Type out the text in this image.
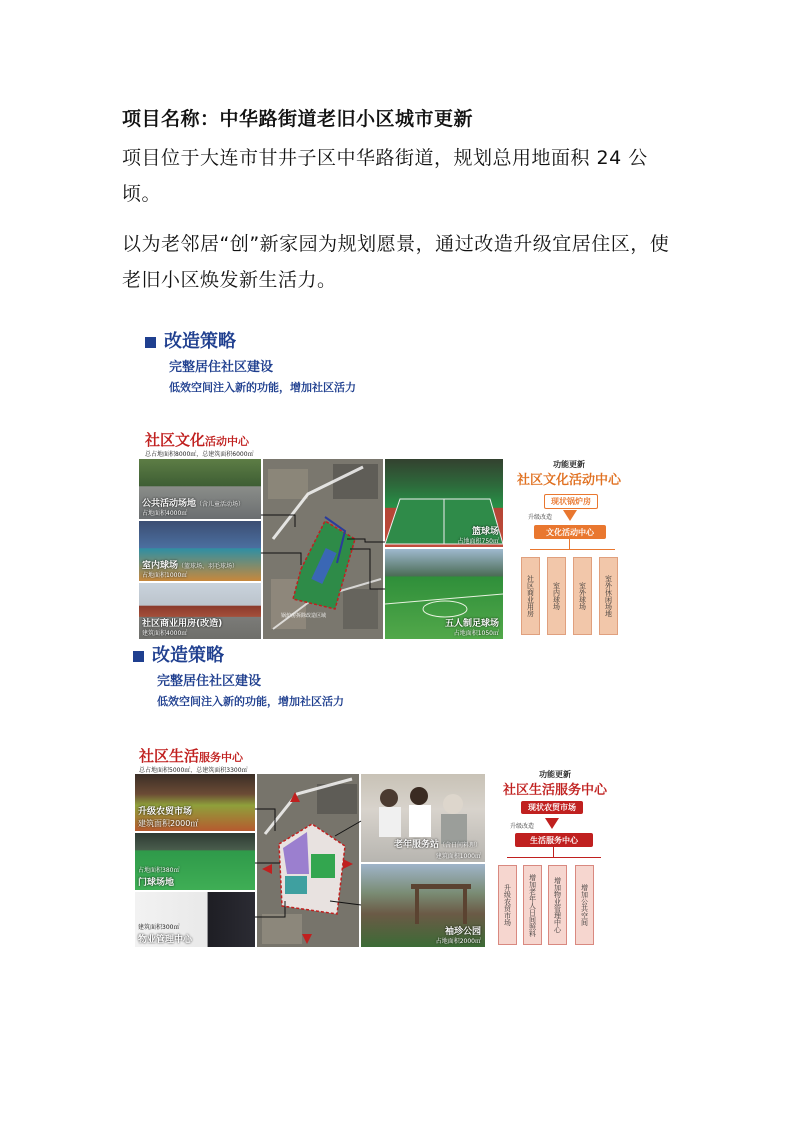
项目名称：中华路街道老旧小区城市更新
项目位于大连市甘井子区中华路街道，规划总用地面积 24 公顷。
以为老邻居“创”新家园为规划愿景，通过改造升级宜居住区，使老旧小区焕发新生活力。
改造策略
完整居住社区建设
低效空间注入新的功能，增加社区活力
社区文化活动中心
总占地面积8000㎡，总建筑面积6000㎡
公共活动场地（含儿童活动场）
占地面积4000㎡
室内球场（篮球场、羽毛球场）
占地面积1000㎡
社区商业用房(改造)
建筑面积4000㎡
锅炉房拆除改造区域
篮球场
占地面积750㎡
五人制足球场
占地面积1050㎡
功能更新
社区文化活动中心
现状锅炉房
升级改造
文化活动中心
社区商业用房	室内球场	室外球场	室外休闲场地
改造策略
完整居住社区建设
低效空间注入新的功能，增加社区活力
社区生活服务中心
总占地面积5000㎡，总建筑面积3300㎡
升级农贸市场
建筑面积2000㎡
门球场地
占地面积380㎡
物业管理中心
建筑面积300㎡
老年服务站（含日间料理）
建筑面积1000㎡
袖珍公园
占地面积2000㎡
功能更新
社区生活服务中心
现状农贸市场
升级改造
生活服务中心
升级农贸市场	增加老年人日间照料	增加物业管理中心	增加公共空间
